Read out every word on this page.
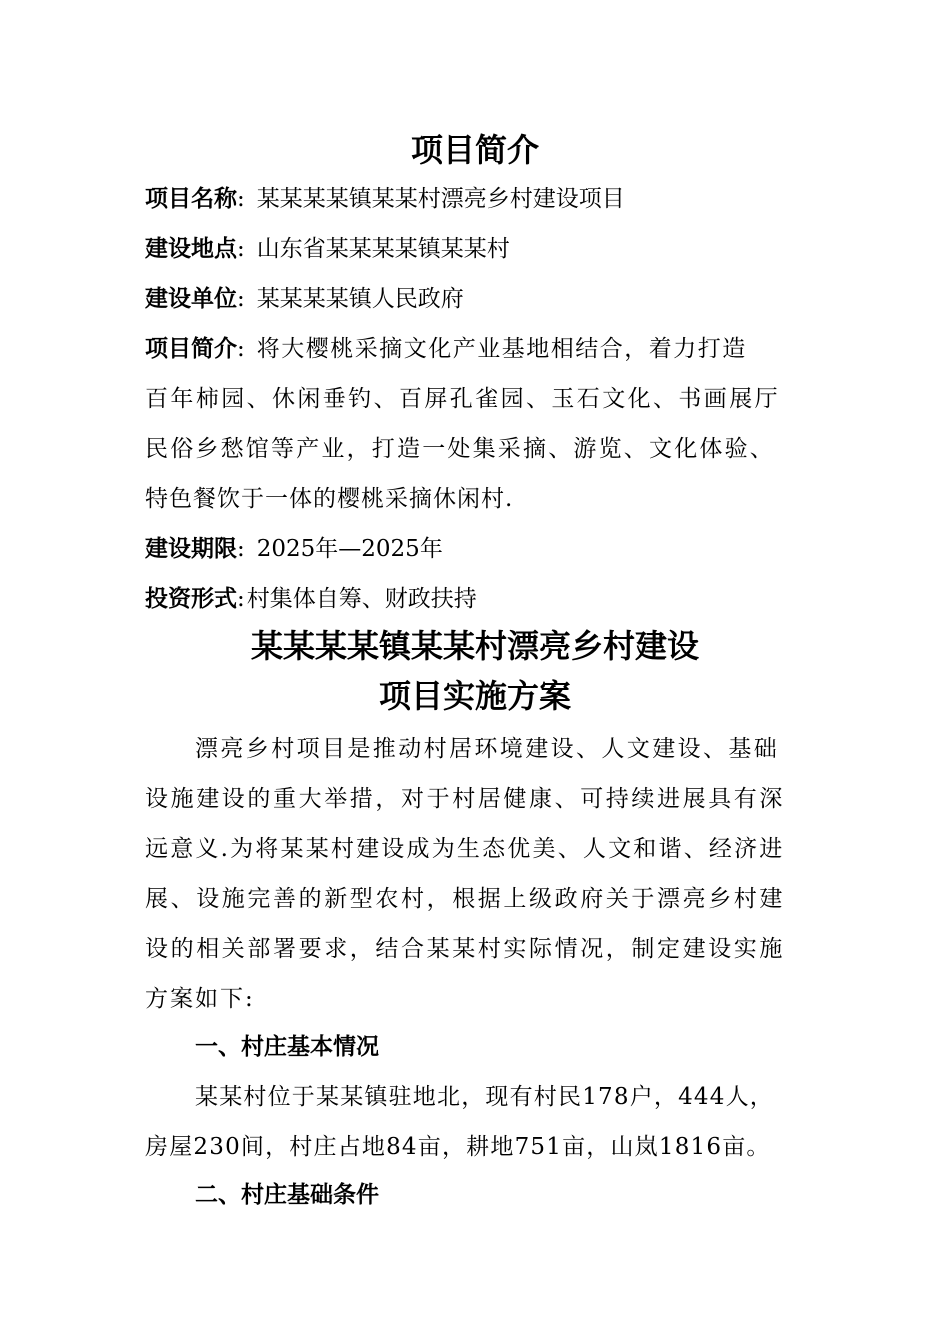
项目简介
项目名称: 某某某某镇某某村漂亮乡村建设项目
建设地点: 山东省某某某某镇某某村
建设单位: 某某某某镇人民政府
项目简介: 将大樱桃采摘文化产业基地相结合，着力打造
百年柿园、休闲垂钓、百屏孔雀园、玉石文化、书画展厅
民俗乡愁馆等产业，打造一处集采摘、游览、文化体验、
特色餐饮于一体的樱桃采摘休闲村.
建设期限: 2025年—2025年
投资形式:村集体自筹、财政扶持
某某某某镇某某村漂亮乡村建设
项目实施方案
漂亮乡村项目是推动村居环境建设、人文建设、基础
设施建设的重大举措，对于村居健康、可持续进展具有深
远意义.为将某某村建设成为生态优美、人文和谐、经济进
展、设施完善的新型农村，根据上级政府关于漂亮乡村建
设的相关部署要求，结合某某村实际情况，制定建设实施
方案如下:
一、村庄基本情况
某某村位于某某镇驻地北，现有村民178户，444人，
房屋230间，村庄占地84亩，耕地751亩，山岚1816亩。
二、村庄基础条件
